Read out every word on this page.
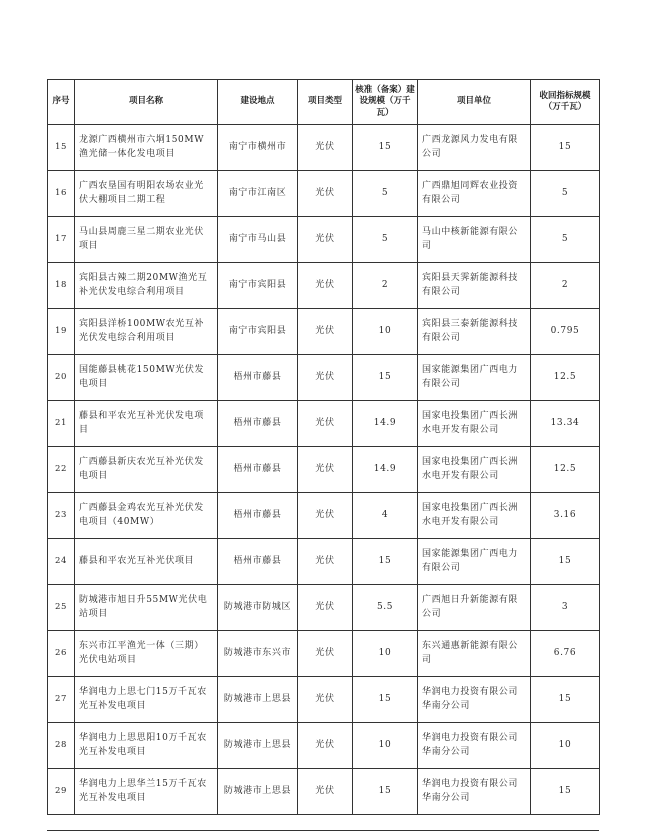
序号	项目名称	建设地点	项目类型	核准（备案）建设规模（万千瓦）	项目单位	收回指标规模（万千瓦）
15	龙源广西横州市六垌150MW渔光储一体化发电项目	南宁市横州市	光伏	15	广西龙源风力发电有限公司	15
16	广西农垦国有明阳农场农业光伏大棚项目二期工程	南宁市江南区	光伏	5	广西鼎旭同辉农业投资有限公司	5
17	马山县周鹿三星二期农业光伏项目	南宁市马山县	光伏	5	马山中核新能源有限公司	5
18	宾阳县古辣二期20MW渔光互补光伏发电综合利用项目	南宁市宾阳县	光伏	2	宾阳县天霁新能源科技有限公司	2
19	宾阳县洋桥100MW农光互补光伏发电综合利用项目	南宁市宾阳县	光伏	10	宾阳县三泰新能源科技有限公司	0.795
20	国能藤县桃花150MW光伏发电项目	梧州市藤县	光伏	15	国家能源集团广西电力有限公司	12.5
21	藤县和平农光互补光伏发电项目	梧州市藤县	光伏	14.9	国家电投集团广西长洲水电开发有限公司	13.34
22	广西藤县新庆农光互补光伏发电项目	梧州市藤县	光伏	14.9	国家电投集团广西长洲水电开发有限公司	12.5
23	广西藤县金鸡农光互补光伏发电项目（40MW）	梧州市藤县	光伏	4	国家电投集团广西长洲水电开发有限公司	3.16
24	藤县和平农光互补光伏项目	梧州市藤县	光伏	15	国家能源集团广西电力有限公司	15
25	防城港市旭日升55MW光伏电站项目	防城港市防城区	光伏	5.5	广西旭日升新能源有限公司	3
26	东兴市江平渔光一体（三期）光伏电站项目	防城港市东兴市	光伏	10	东兴通惠新能源有限公司	6.76
27	华润电力上思七门15万千瓦农光互补发电项目	防城港市上思县	光伏	15	华润电力投资有限公司华南分公司	15
28	华润电力上思思阳10万千瓦农光互补发电项目	防城港市上思县	光伏	10	华润电力投资有限公司华南分公司	10
29	华润电力上思华兰15万千瓦农光互补发电项目	防城港市上思县	光伏	15	华润电力投资有限公司华南分公司	15
